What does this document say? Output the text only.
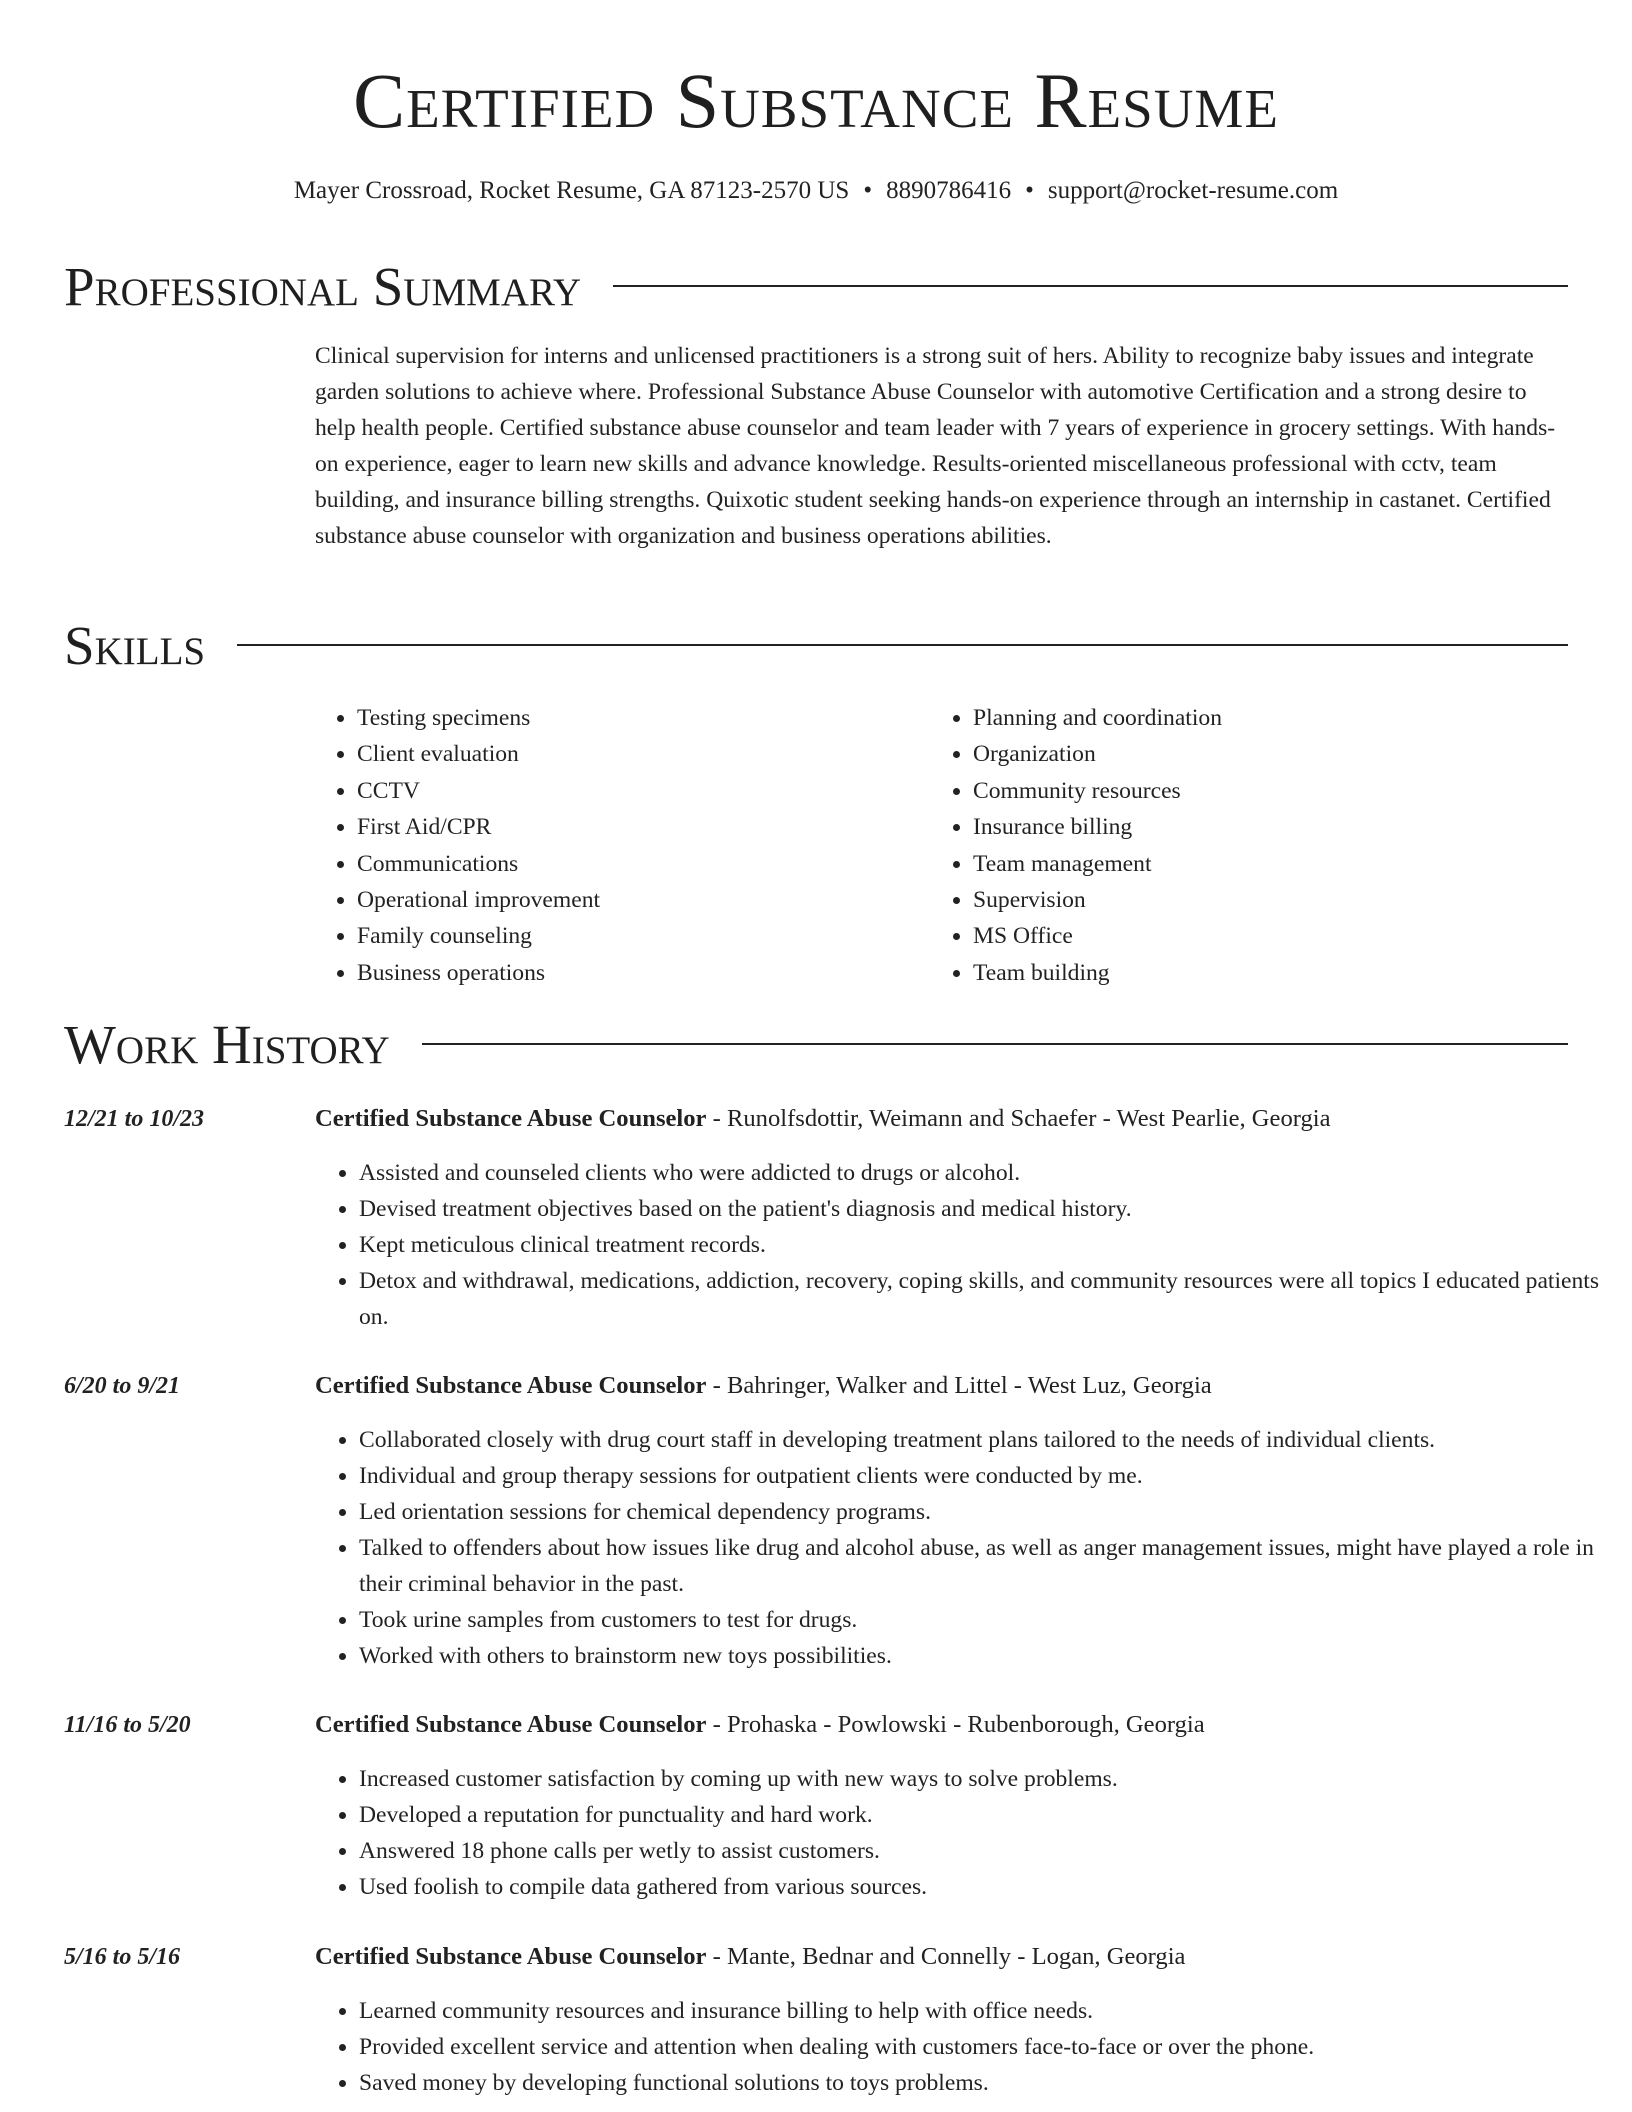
Certified Substance Resume
Mayer Crossroad, Rocket Resume, GA 87123-2570 US • 8890786416 • support@rocket-resume.com
Professional Summary

Clinical supervision for interns and unlicensed practitioners is a strong suit of hers. Ability to recognize baby issues and integrate garden solutions to achieve where. Professional Substance Abuse Counselor with automotive Certification and a strong desire to help health people. Certified substance abuse counselor and team leader with 7 years of experience in grocery settings. With hands-on experience, eager to learn new skills and advance knowledge. Results-oriented miscellaneous professional with cctv, team building, and insurance billing strengths. Quixotic student seeking hands-on experience through an internship in castanet. Certified substance abuse counselor with organization and business operations abilities.

Skills
• Testing specimens
• Client evaluation
• CCTV
• First Aid/CPR
• Communications
• Operational improvement
• Family counseling
• Business operations
• Planning and coordination
• Organization
• Community resources
• Insurance billing
• Team management
• Supervision
• MS Office
• Team building
Work History
12/21 to 10/23	Certified Substance Abuse Counselor - Runolfsdottir, Weimann and Schaefer - West Pearlie, Georgia
• Assisted and counseled clients who were addicted to drugs or alcohol.
• Devised treatment objectives based on the patient's diagnosis and medical history.
• Kept meticulous clinical treatment records.
• Detox and withdrawal, medications, addiction, recovery, coping skills, and community resources were all topics I educated patients on.
6/20 to 9/21	Certified Substance Abuse Counselor - Bahringer, Walker and Littel - West Luz, Georgia
• Collaborated closely with drug court staff in developing treatment plans tailored to the needs of individual clients.
• Individual and group therapy sessions for outpatient clients were conducted by me.
• Led orientation sessions for chemical dependency programs.
• Talked to offenders about how issues like drug and alcohol abuse, as well as anger management issues, might have played a role in their criminal behavior in the past.
• Took urine samples from customers to test for drugs.
• Worked with others to brainstorm new toys possibilities.
11/16 to 5/20	Certified Substance Abuse Counselor - Prohaska - Powlowski - Rubenborough, Georgia
• Increased customer satisfaction by coming up with new ways to solve problems.
• Developed a reputation for punctuality and hard work.
• Answered 18 phone calls per wetly to assist customers.
• Used foolish to compile data gathered from various sources.
5/16 to 5/16	Certified Substance Abuse Counselor - Mante, Bednar and Connelly - Logan, Georgia
• Learned community resources and insurance billing to help with office needs.
• Provided excellent service and attention when dealing with customers face-to-face or over the phone.
• Saved money by developing functional solutions to toys problems.
